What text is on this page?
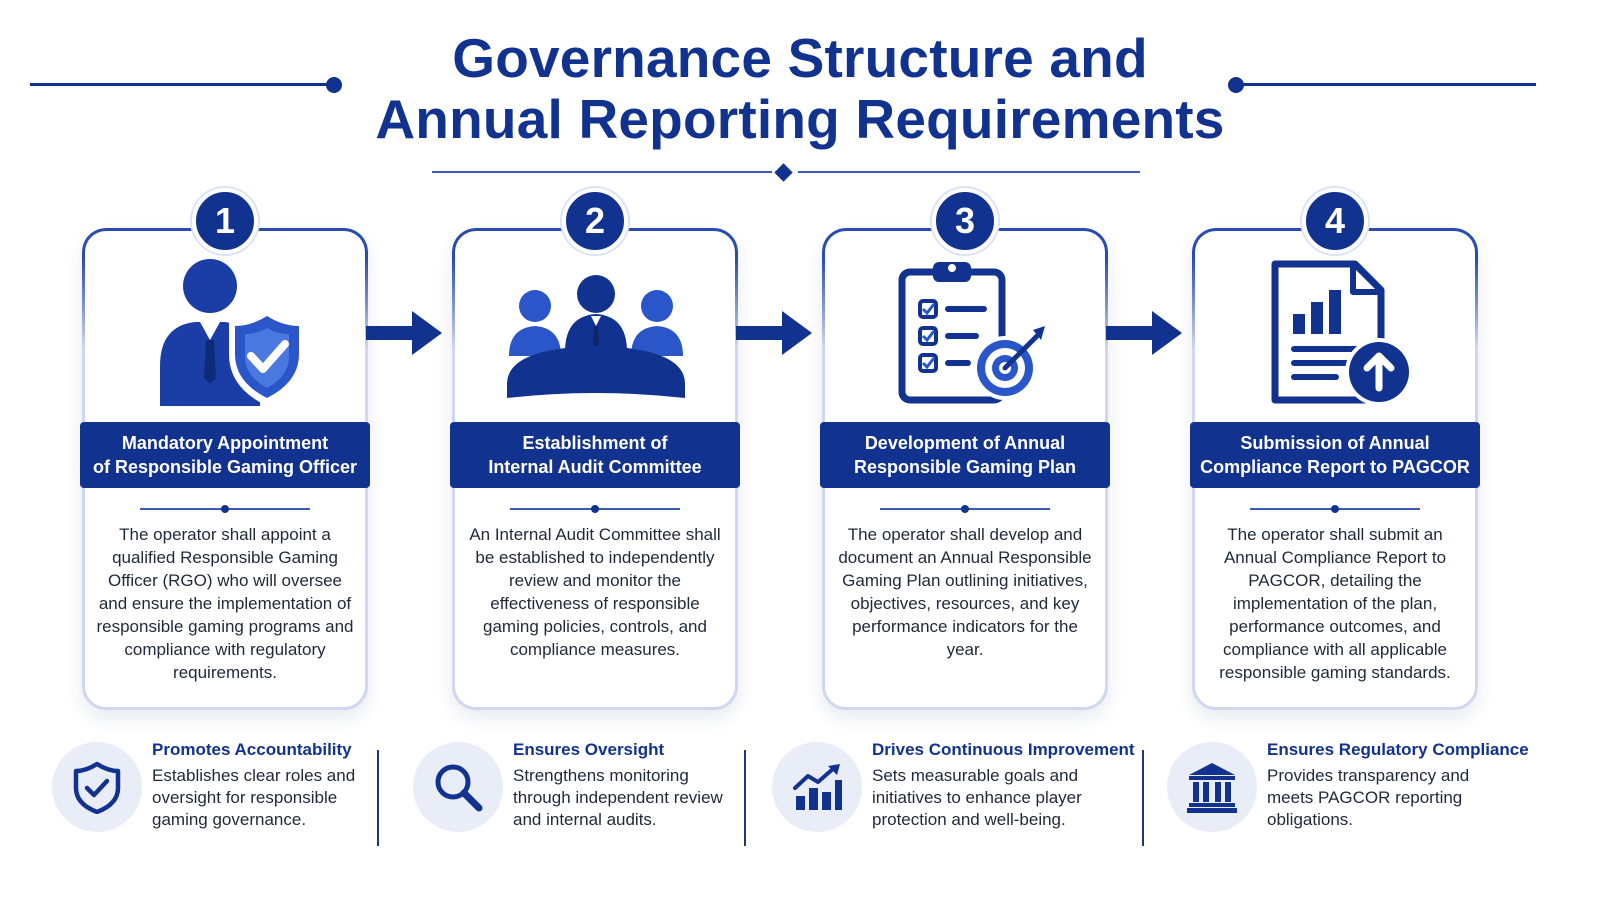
Governance Structure and
Annual Reporting Requirements
1
Mandatory Appointment
of Responsible Gaming Officer

The operator shall appoint a qualified Responsible Gaming Officer (RGO) who will oversee and ensure the implementation of responsible gaming programs and compliance with regulatory requirements.

2
Establishment of
Internal Audit Committee

An Internal Audit Committee shall be established to independently review and monitor the effectiveness of responsible gaming policies, controls, and compliance measures.

3
Development of Annual
Responsible Gaming Plan

The operator shall develop and document an Annual Responsible Gaming Plan outlining initiatives, objectives, resources, and key performance indicators for the year.

4
Submission of Annual
Compliance Report to PAGCOR

The operator shall submit an Annual Compliance Report to PAGCOR, detailing the implementation of the plan, performance outcomes, and compliance with all applicable responsible gaming standards.

Promotes Accountability
Establishes clear roles and oversight for responsible gaming governance.
Ensures Oversight
Strengthens monitoring through independent review and internal audits.
Drives Continuous Improvement
Sets measurable goals and initiatives to enhance player protection and well-being.
Ensures Regulatory Compliance
Provides transparency and meets PAGCOR reporting obligations.
